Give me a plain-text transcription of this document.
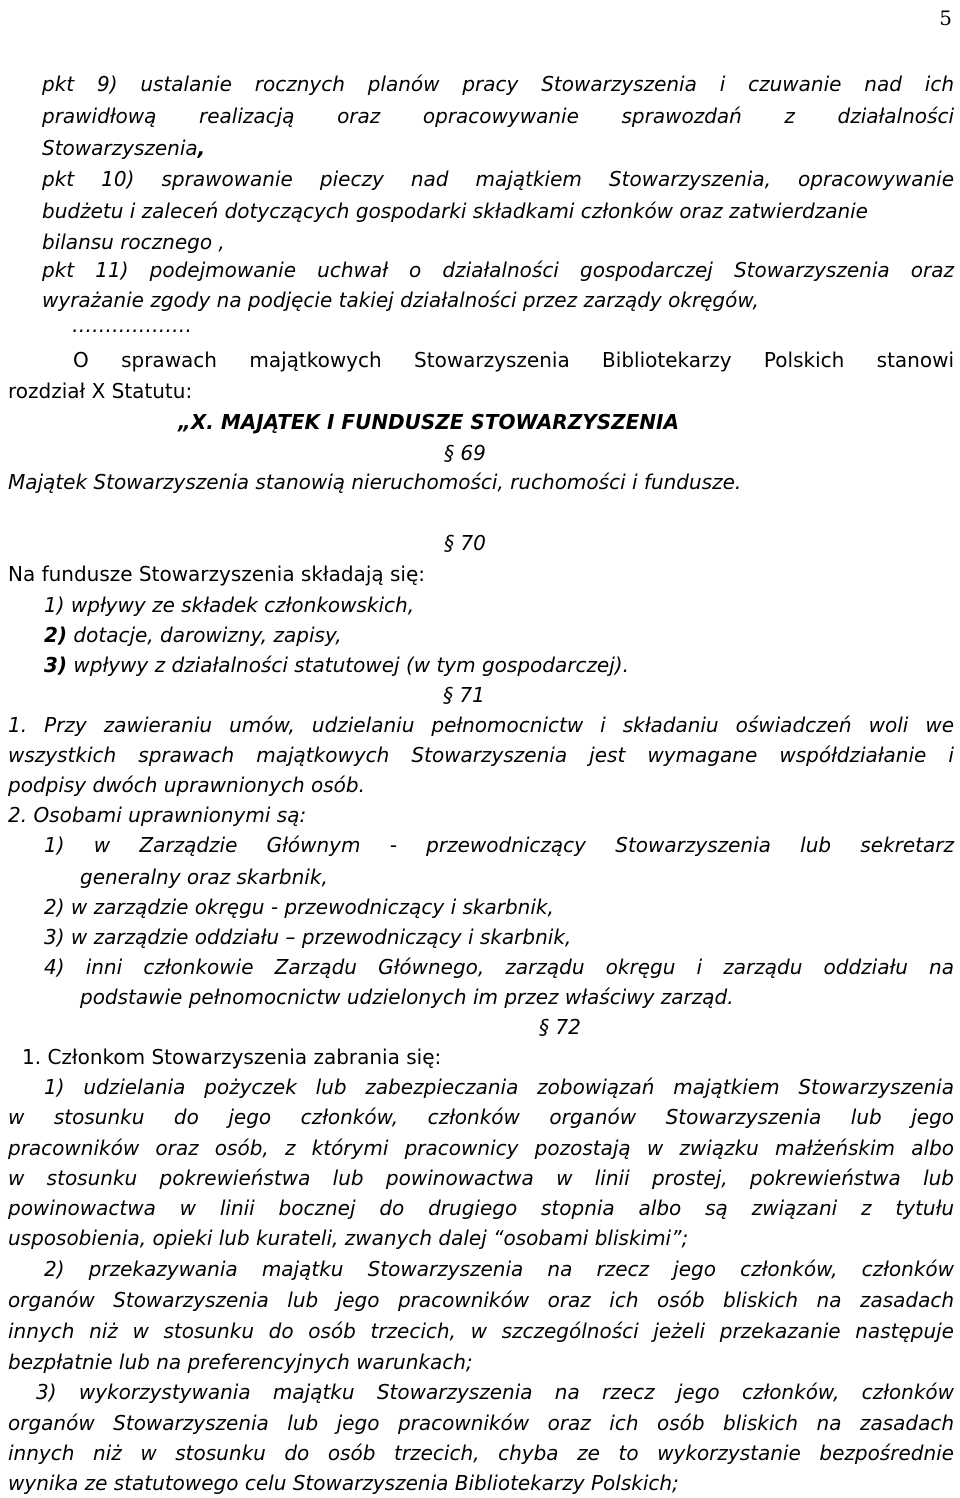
5
pkt 9) ustalanie rocznych planów pracy Stowarzyszenia i czuwanie nad ich
prawidłową realizacją oraz opracowywanie sprawozdań z działalności
Stowarzyszenia,
pkt 10) sprawowanie pieczy nad majątkiem Stowarzyszenia, opracowywanie
budżetu i zaleceń dotyczących gospodarki składkami członków oraz zatwierdzanie
bilansu rocznego ,
pkt 11) podejmowanie uchwał o działalności gospodarczej Stowarzyszenia oraz
wyrażanie zgody na podjęcie takiej działalności przez zarządy okręgów,
………………
O sprawach majątkowych Stowarzyszenia Bibliotekarzy Polskich stanowi
rozdział X Statutu:
„X. MAJĄTEK I FUNDUSZE STOWARZYSZENIA
§ 69
Majątek Stowarzyszenia stanowią nieruchomości, ruchomości i fundusze.
§ 70
Na fundusze Stowarzyszenia składają się:
1) wpływy ze składek członkowskich,
2) dotacje, darowizny, zapisy,
3) wpływy z działalności statutowej (w tym gospodarczej).
§ 71
1. Przy zawieraniu umów, udzielaniu pełnomocnictw i składaniu oświadczeń woli we
wszystkich sprawach majątkowych Stowarzyszenia jest wymagane współdziałanie i
podpisy dwóch uprawnionych osób.
2. Osobami uprawnionymi są:
1) w Zarządzie Głównym - przewodniczący Stowarzyszenia lub sekretarz
generalny oraz skarbnik,
2) w zarządzie okręgu - przewodniczący i skarbnik,
3) w zarządzie oddziału – przewodniczący i skarbnik,
4) inni członkowie Zarządu Głównego, zarządu okręgu i zarządu oddziału na
podstawie pełnomocnictw udzielonych im przez właściwy zarząd.
§ 72
1. Członkom Stowarzyszenia zabrania się:
1) udzielania pożyczek lub zabezpieczania zobowiązań majątkiem Stowarzyszenia
w stosunku do jego członków, członków organów Stowarzyszenia lub jego
pracowników oraz osób, z którymi pracownicy pozostają w związku małżeńskim albo
w stosunku pokrewieństwa lub powinowactwa w linii prostej, pokrewieństwa lub
powinowactwa w linii bocznej do drugiego stopnia albo są związani z tytułu
usposobienia, opieki lub kurateli, zwanych dalej “osobami bliskimi”;
2) przekazywania majątku Stowarzyszenia na rzecz jego członków, członków
organów Stowarzyszenia lub jego pracowników oraz ich osób bliskich na zasadach
innych niż w stosunku do osób trzecich, w szczególności jeżeli przekazanie następuje
bezpłatnie lub na preferencyjnych warunkach;
3) wykorzystywania majątku Stowarzyszenia na rzecz jego członków, członków
organów Stowarzyszenia lub jego pracowników oraz ich osób bliskich na zasadach
innych niż w stosunku do osób trzecich, chyba ze to wykorzystanie bezpośrednie
wynika ze statutowego celu Stowarzyszenia Bibliotekarzy Polskich;
